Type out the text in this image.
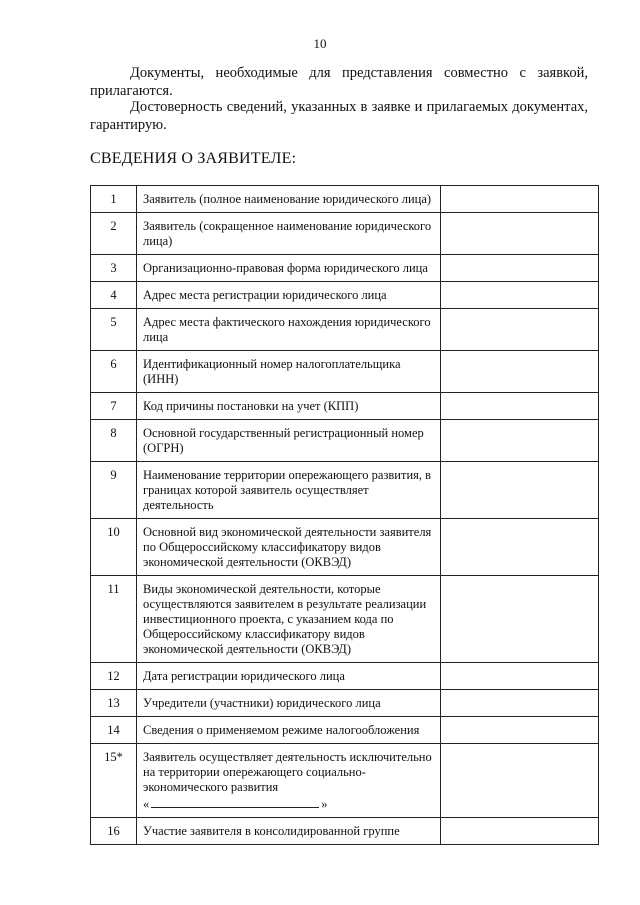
10
Документы, необходимые для представления совместно с заявкой, прилагаются.
Достоверность сведений, указанных в заявке и прилагаемых документах, гарантирую.
СВЕДЕНИЯ О ЗАЯВИТЕЛЕ:
1	Заявитель (полное наименование юридического лица)	
2	Заявитель (сокращенное наименование юридического лица)	
3	Организационно-правовая форма юридического лица	
4	Адрес места регистрации юридического лица	
5	Адрес места фактического нахождения юридического лица	
6	Идентификационный номер налогоплательщика (ИНН)	
7	Код причины постановки на учет (КПП)	
8	Основной государственный регистрационный номер (ОГРН)	
9	Наименование территории опережающего развития, в границах которой заявитель осуществляет деятельность	
10	Основной вид экономической деятельности заявителя по Общероссийскому классификатору видов экономической деятельности (ОКВЭД)	
11	Виды экономической деятельности, которые осуществляются заявителем в результате реализации инвестиционного проекта, с указанием кода по Общероссийскому классификатору видов экономической деятельности (ОКВЭД)	
12	Дата регистрации юридического лица	
13	Учредители (участники) юридического лица	
14	Сведения о применяемом режиме налогообложения	
15*	Заявитель осуществляет деятельность исключительно на территории опережающего социально-экономического развития
« »	
16	Участие заявителя в консолидированной группе	
